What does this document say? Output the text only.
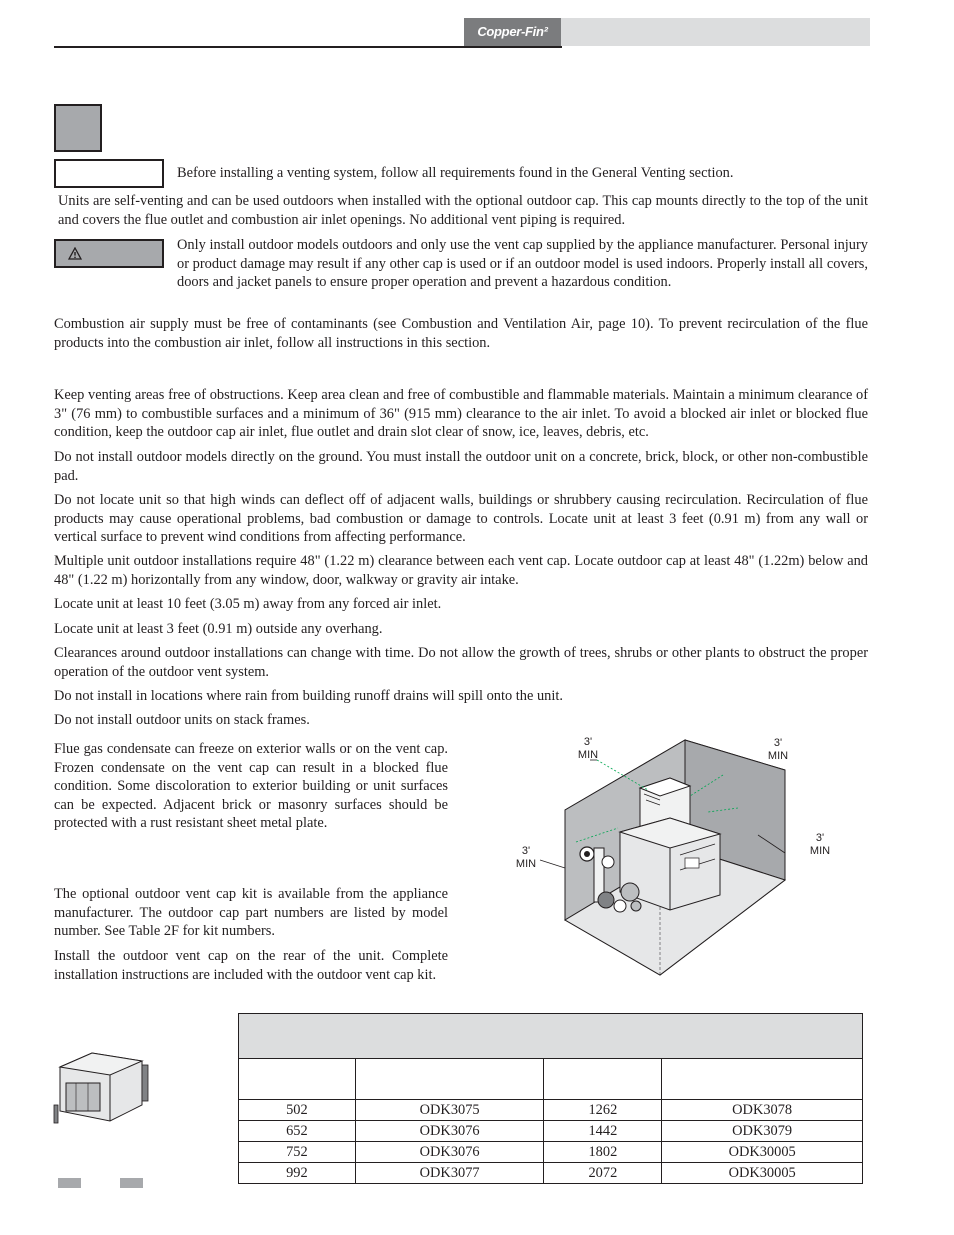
Copper-Fin²

Before installing a venting system, follow all requirements found in the General Venting section.

Units are self-venting and can be used outdoors when installed with the optional outdoor cap. This cap mounts directly to the top of the unit and covers the flue outlet and combustion air inlet openings. No additional vent piping is required.

Only install outdoor models outdoors and only use the vent cap supplied by the appliance manufacturer. Personal injury or product damage may result if any other cap is used or if an outdoor model is used indoors. Properly install all covers, doors and jacket panels to ensure proper operation and prevent a hazardous condition.

Combustion air supply must be free of contaminants (see Combustion and Ventilation Air, page 10). To prevent recirculation of the flue products into the combustion air inlet, follow all instructions in this section.

Keep venting areas free of obstructions. Keep area clean and free of combustible and flammable materials. Maintain a minimum clearance of 3" (76 mm) to combustible surfaces and a minimum of 36" (915 mm) clearance to the air inlet. To avoid a blocked air inlet or blocked flue condition, keep the outdoor cap air inlet, flue outlet and drain slot clear of snow, ice, leaves, debris, etc.

Do not install outdoor models directly on the ground. You must install the outdoor unit on a concrete, brick, block, or other non-combustible pad.

Do not locate unit so that high winds can deflect off of adjacent walls, buildings or shrubbery causing recirculation. Recirculation of flue products may cause operational problems, bad combustion or damage to controls. Locate unit at least 3 feet (0.91 m) from any wall or vertical surface to prevent wind conditions from affecting performance.

Multiple unit outdoor installations require 48" (1.22 m) clearance between each vent cap. Locate outdoor cap at least 48" (1.22m) below and 48" (1.22 m) horizontally from any window, door, walkway or gravity air intake.

Locate unit at least 10 feet (3.05 m) away from any forced air inlet.

Locate unit at least 3 feet (0.91 m) outside any overhang.

Clearances around outdoor installations can change with time. Do not allow the growth of trees, shrubs or other plants to obstruct the proper operation of the outdoor vent system.

Do not install in locations where rain from building runoff drains will spill onto the unit.

Do not install outdoor units on stack frames.

Flue gas condensate can freeze on exterior walls or on the vent cap. Frozen condensate on the vent cap can result in a blocked flue condition. Some discoloration to exterior building or unit surfaces can be expected. Adjacent brick or masonry surfaces should be protected with a rust resistant sheet metal plate.

The optional outdoor vent cap kit is available from the appliance manufacturer. The outdoor cap part numbers are listed by model number. See Table 2F for kit numbers.

Install the outdoor vent cap on the rear of the unit. Complete installation instructions are included with the outdoor vent cap kit.

3'
MIN
3'
MIN
3'
MIN
3'
MIN

502	ODK3075	1262	ODK3078
652	ODK3076	1442	ODK3079
752	ODK3076	1802	ODK30005
992	ODK3077	2072	ODK30005
